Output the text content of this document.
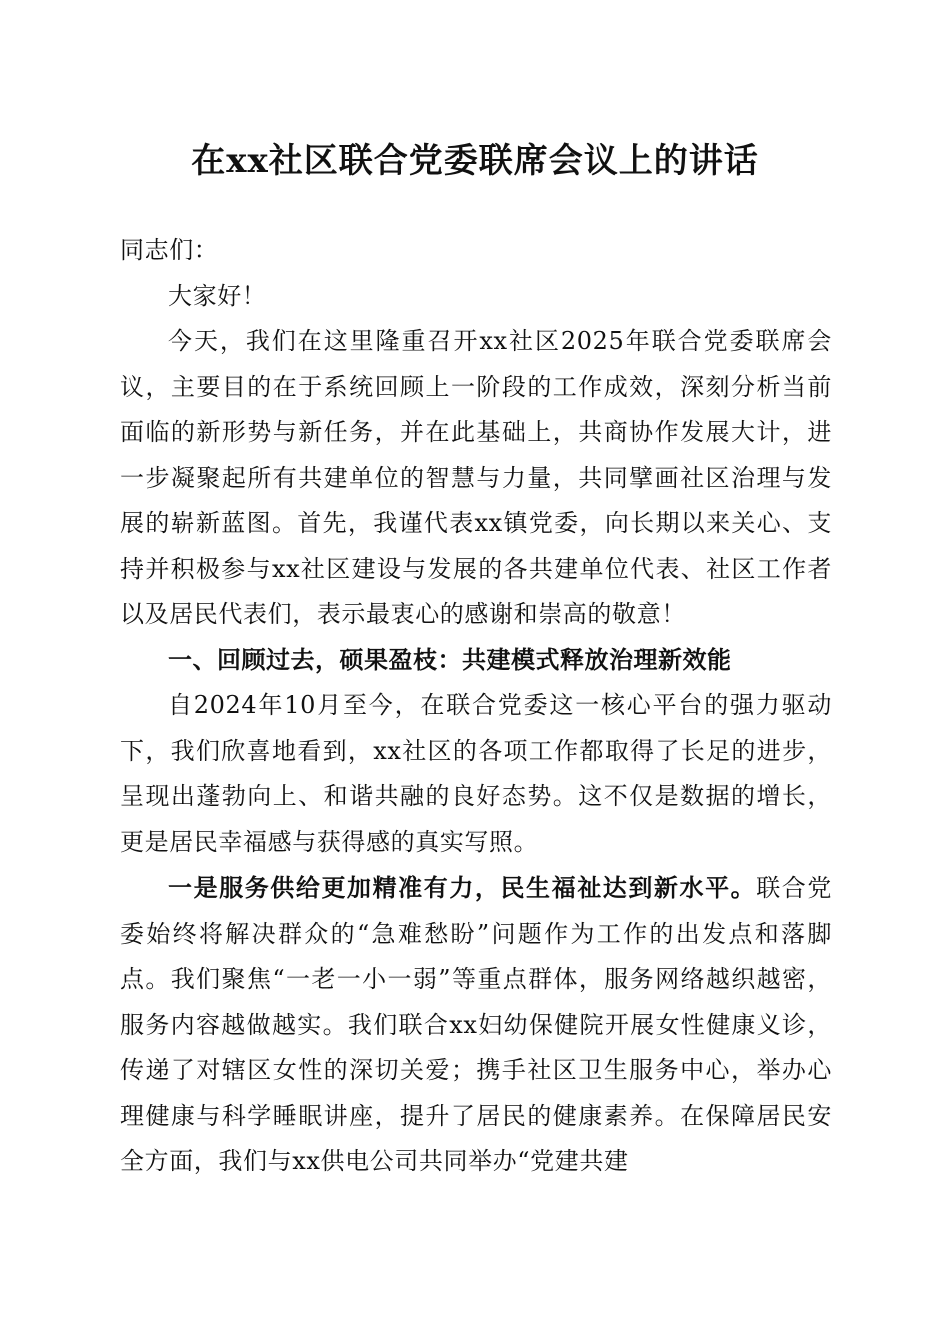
在xx社区联合党委联席会议上的讲话

同志们：

大家好！

今天，我们在这里隆重召开xx社区2025年联合党委联席会议，主要目的在于系统回顾上一阶段的工作成效，深刻分析当前面临的新形势与新任务，并在此基础上，共商协作发展大计，进一步凝聚起所有共建单位的智慧与力量，共同擘画社区治理与发展的崭新蓝图。首先，我谨代表xx镇党委，向长期以来关心、支持并积极参与xx社区建设与发展的各共建单位代表、社区工作者以及居民代表们，表示最衷心的感谢和崇高的敬意！

一、回顾过去，硕果盈枝：共建模式释放治理新效能

自2024年10月至今，在联合党委这一核心平台的强力驱动下，我们欣喜地看到，xx社区的各项工作都取得了长足的进步，呈现出蓬勃向上、和谐共融的良好态势。这不仅是数据的增长，更是居民幸福感与获得感的真实写照。

一是服务供给更加精准有力，民生福祉达到新水平。联合党委始终将解决群众的“急难愁盼”问题作为工作的出发点和落脚点。我们聚焦“一老一小一弱”等重点群体，服务网络越织越密，服务内容越做越实。我们联合xx妇幼保健院开展女性健康义诊，传递了对辖区女性的深切关爱；携手社区卫生服务中心，举办心理健康与科学睡眠讲座，提升了居民的健康素养。在保障居民安全方面，我们与xx供电公司共同举办“党建共建
